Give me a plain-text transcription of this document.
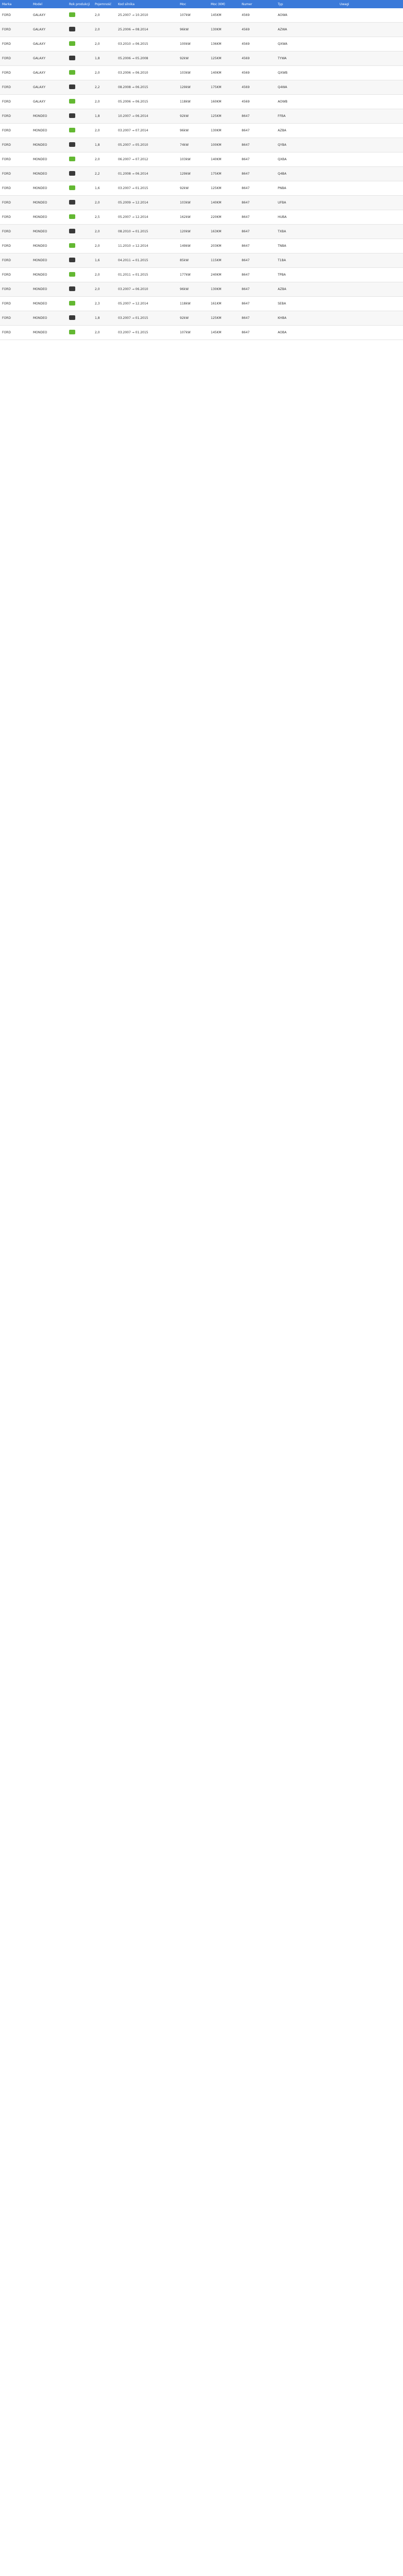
Marka	Model	Rok produkcji	Pojemność	Kod silnika	Moc	Moc (KM)	Numer	Typ	Uwagi
FORD	GALAXY		2,0	25.2007 → 10.2010	107kW	145KM	4569	AOWA	
FORD	GALAXY		2,0	25.2006 → 08.2014	96kW	130KM	4569	AZWA	
FORD	GALAXY		2,0	03.2010 → 06.2015	100kW	136KM	4569	QXWA	
FORD	GALAXY		1,8	05.2006 → 05.2008	92kW	125KM	4569	TYWA	
FORD	GALAXY		2,0	03.2006 → 06.2010	103kW	140KM	4569	QXWB	
FORD	GALAXY		2,2	08.2008 → 06.2015	129kW	175KM	4569	Q4WA	
FORD	GALAXY		2,0	05.2006 → 06.2015	118kW	160KM	4569	AOWB	
FORD	MONDEO		1,8	10.2007 → 06.2014	92kW	125KM	8647	FFBA	
FORD	MONDEO		2,0	03.2007 → 07.2014	96kW	130KM	8647	AZBA	
FORD	MONDEO		1,8	05.2007 → 05.2010	74kW	100KM	8647	QYBA	
FORD	MONDEO		2,0	06.2007 → 07.2012	103kW	140KM	8647	QXBA	
FORD	MONDEO		2,2	01.2008 → 06.2014	129kW	175KM	8647	Q4BA	
FORD	MONDEO		1,6	03.2007 → 01.2015	92kW	125KM	8647	PNBA	
FORD	MONDEO		2,0	05.2009 → 12.2014	103kW	140KM	8647	UFBA	
FORD	MONDEO		2,5	05.2007 → 12.2014	162kW	220KM	8647	HUBA	
FORD	MONDEO		2,0	08.2010 → 01.2015	120kW	163KM	8647	TXBA	
FORD	MONDEO		2,0	11.2010 → 12.2014	149kW	203KM	8647	TNBA	
FORD	MONDEO		1,6	04.2011 → 01.2015	85kW	115KM	8647	T1BA	
FORD	MONDEO		2,0	01.2011 → 01.2015	177kW	240KM	8647	TPBA	
FORD	MONDEO		2,0	03.2007 → 06.2010	96kW	130KM	8647	AZBA	
FORD	MONDEO		2,3	05.2007 → 12.2014	118kW	161KM	8647	SEBA	
FORD	MONDEO		1,8	03.2007 → 01.2015	92kW	125KM	8647	KHBA	
FORD	MONDEO		2,0	03.2007 → 01.2015	107kW	145KM	8647	AOBA	
